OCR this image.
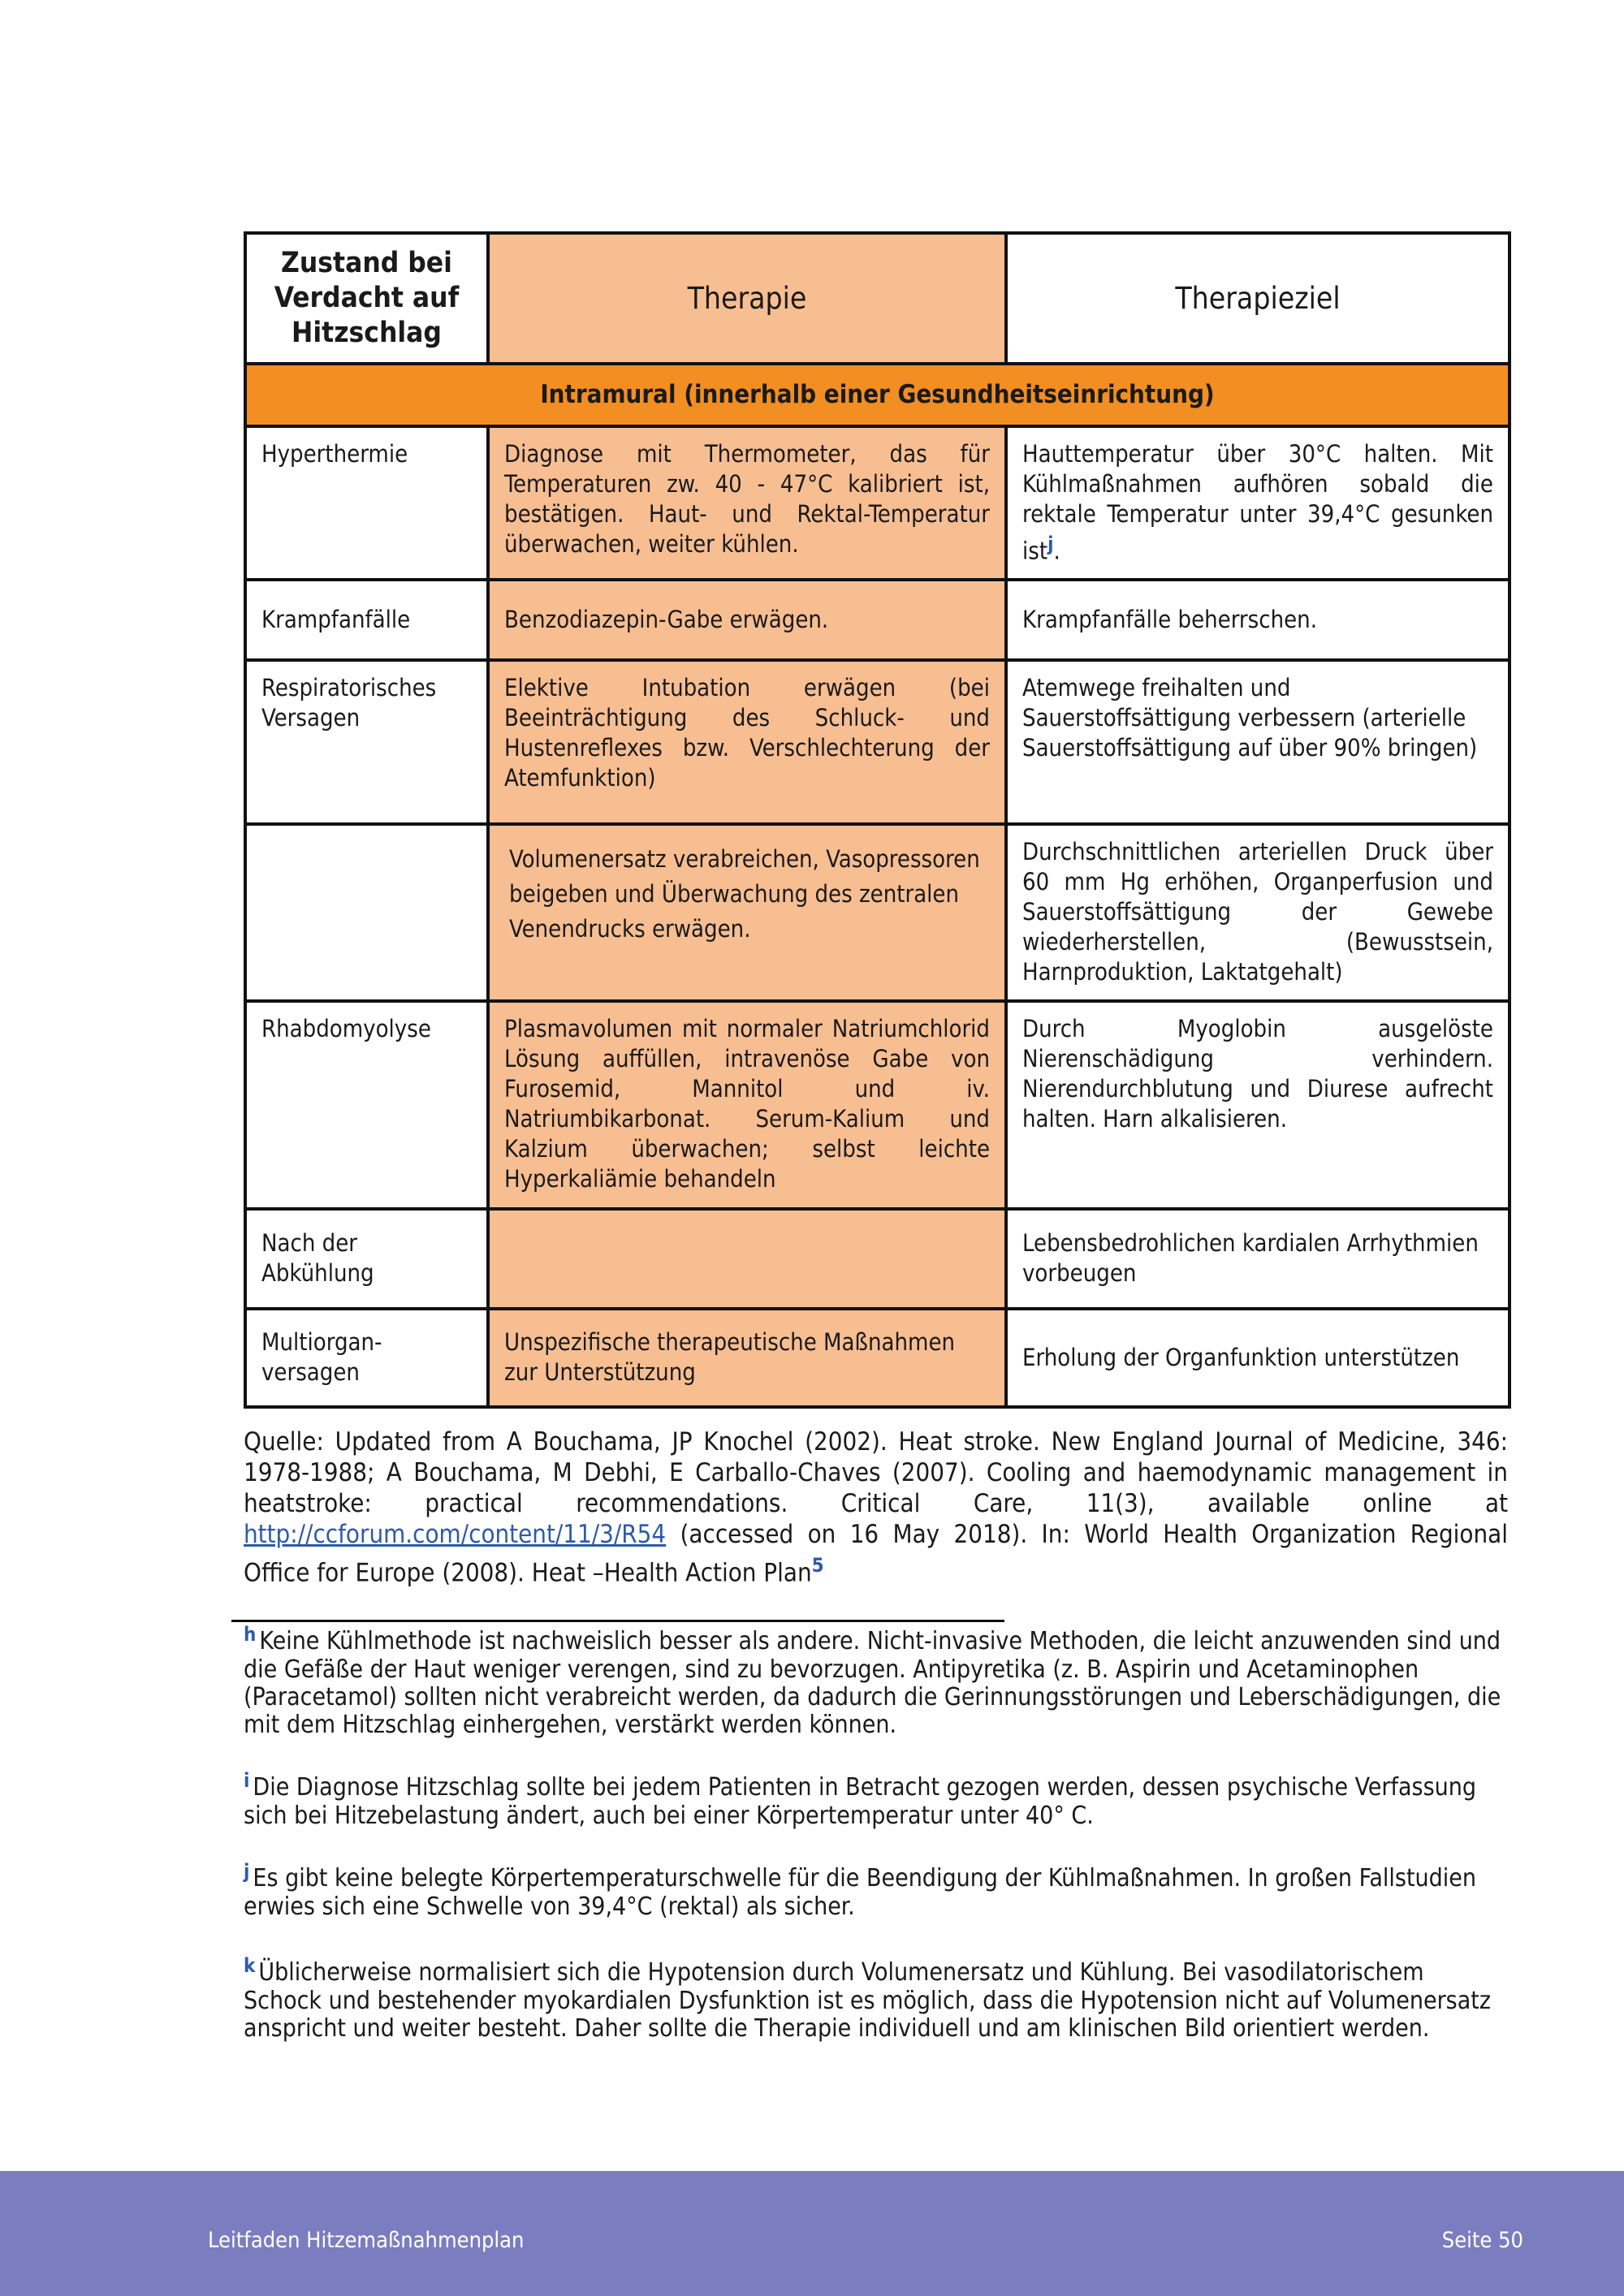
Zustand bei Verdacht auf Hitzschlag	Therapie	Therapieziel
Intramural (innerhalb einer Gesundheitseinrichtung)		
Hyperthermie	Diagnose mit Thermometer, das für Temperaturen zw. 40 - 47°C kalibriert ist, bestätigen. Haut- und Rektal-Temperatur überwachen, weiter kühlen.	Hauttemperatur über 30°C halten. Mit Kühlmaßnahmen aufhören sobald die rektale Temperatur unter 39,4°C gesunken ist$^j$.
Krampfanfälle	Benzodiazepin-Gabe erwägen.	Krampfanfälle beherrschen.
Respiratorisches Versagen	Elektive Intubation erwägen (bei Beeinträchtigung des Schluck- und Hustenreflexes bzw. Verschlechterung der Atemfunktion)	Atemwege freihalten und Sauerstoffsättigung verbessern (arterielle Sauerstoffsättigung auf über 90% bringen)
	Volumenersatz verabreichen, Vasopressoren beigeben und Überwachung des zentralen Venendrucks erwägen.	Durchschnittlichen arteriellen Druck über 60 mm Hg erhöhen, Organperfusion und Sauerstoffsättigung der Gewebe wiederherstellen, (Bewusstsein, Harnproduktion, Laktatgehalt)
Rhabdomyolyse	Plasmavolumen mit normaler Natriumchlorid Lösung auffüllen, intravenöse Gabe von Furosemid, Mannitol und iv. Natriumbikarbonat. Serum-Kalium und Kalzium überwachen; selbst leichte Hyperkaliämie behandeln	Durch Myoglobin ausgelöste Nierenschädigung verhindern. Nierendurchblutung und Diurese aufrecht halten. Harn alkalisieren.
Nach der Abkühlung		Lebensbedrohlichen kardialen Arrhythmien vorbeugen
Multiorgan-versagen	Unspezifische therapeutische Maßnahmen zur Unterstützung	Erholung der Organfunktion unterstützen
Quelle: Updated from A Bouchama, JP Knochel (2002). Heat stroke. New England Journal of Medicine, 346: 1978-1988; A Bouchama, M Debhi, E Carballo-Chaves (2007). Cooling and haemodynamic management in heatstroke: practical recommendations. Critical Care, 11(3), available online at http://ccforum.com/content/11/3/R54 (accessed on 16 May 2018). In: World Health Organization Regional Office for Europe (2008). Heat –Health Action Plan$^5$
$^h$ Keine Kühlmethode ist nachweislich besser als andere. Nicht-invasive Methoden, die leicht anzuwenden sind und die Gefäße der Haut weniger verengen, sind zu bevorzugen. Antipyretika (z. B. Aspirin und Acetaminophen (Paracetamol) sollten nicht verabreicht werden, da dadurch die Gerinnungsstörungen und Leberschädigungen, die mit dem Hitzschlag einhergehen, verstärkt werden können.
$^i$ Die Diagnose Hitzschlag sollte bei jedem Patienten in Betracht gezogen werden, dessen psychische Verfassung sich bei Hitzebelastung ändert, auch bei einer Körpertemperatur unter 40° C.
$^j$ Es gibt keine belegte Körpertemperaturschwelle für die Beendigung der Kühlmaßnahmen. In großen Fallstudien erwies sich eine Schwelle von 39,4°C (rektal) als sicher.
$^k$ Üblicherweise normalisiert sich die Hypotension durch Volumenersatz und Kühlung. Bei vasodilatorischem Schock und bestehender myokardialen Dysfunktion ist es möglich, dass die Hypotension nicht auf Volumenersatz anspricht und weiter besteht. Daher sollte die Therapie individuell und am klinischen Bild orientiert werden.
Leitfaden Hitzemaßnahmenplan	Seite 50
